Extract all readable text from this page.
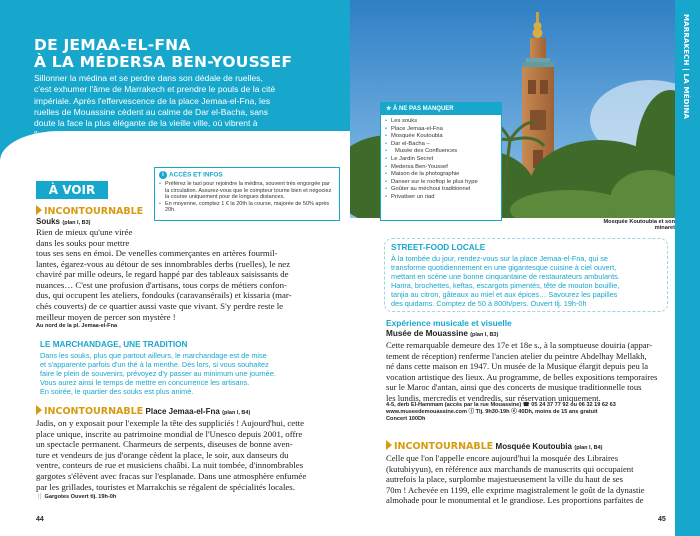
DE JEMAA-EL-FNA
À LA MÉDERSA BEN-YOUSSEF
Sillonner la médina et se perdre dans son dédale de ruelles,
c'est exhumer l'âme de Marrakech et prendre le pouls de la cité
impériale. Après l'effervescence de la place Jemaa-el-Fna, les
ruelles de Mouassine cèdent au calme de Dar el-Bacha, sans
doute la face la plus élégante de la vieille ville, où vibrent à
l'unisson antiquaires et brocanteurs. Ici, palais et musées
s'égrènent au fil des venelles pavées.
À VOIR
i ACCÈS ET INFOS
• Préférez le taxi pour rejoindre la médina, souvent très engorgée par la circulation. Assurez-vous que le compteur tourne bien et négociez la course uniquement pour de longues distances.
• En moyenne, comptez 1 € la 20th la course, majorée de 50% après 20h.
INCONTOURNABLE
Souks (plan I, B3)
Rien de mieux qu'une virée
dans les souks pour mettre
tous ses sens en émoi. De venelles commerçantes en artères fourmil-
lantes, égarez-vous au détour de ses innombrables derbs (ruelles), le nez
chaviré par mille odeurs, le regard happé par des tableaux saisissants de
nuances… C'est une profusion d'artisans, tous corps de métiers confon-
dus, qui occupent les ateliers, fondouks (caravansérails) et kissaria (mar-
chés couverts) de ce quartier aussi vaste que vivant. S'y perdre reste le
meilleur moyen de percer son mystère !
Au nord de la pl. Jemaa-el-Fna
LE MARCHANDAGE, UNE TRADITION
Dans les souks, plus que partout ailleurs, le marchandage est de mise
et s'apparente parfois d'un thé à la menthe. Dès lors, si vous souhaitez
faire le plein de souvenirs, prévoyez d'y passer au minimum une journée.
Vous aurez ainsi le temps de mettre en concurrence les artisans.
En soirée, le quartier des souks est plus animé.
INCONTOURNABLE Place Jemaa-el-Fna (plan I, B4)
Jadis, on y exposait pour l'exemple la tête des suppliciés ! Aujourd'hui, cette
place unique, inscrite au patrimoine mondial de l'Unesco depuis 2001, offre
un spectacle permanent. Charmeurs de serpents, diseuses de bonne aven-
ture et vendeurs de jus d'orange cèdent la place, le soir, aux danseurs du
ventre, conteurs de rue et musiciens chaâbi. La nuit tombée, d'innombrables
gargotes s'élèvent avec fracas sur l'esplanade. Dans une atmosphère enfumée
par les grillades, touristes et Marrakchis se régalent de spécialités locales.
🍴 Gargotes Ouvert tlj. 19h-0h
44
MARRAKECH | LA MÉDINA
★ À NE PAS MANQUER
• Les souks
• Place Jemaa-el-Fna
• Mosquée Koutoubia
• Dar el-Bacha –
• Musée des Confluences
• Le Jardin Secret
• Medersa Ben-Youssef
• Maison de la photographie
• Danser sur le rooftop le plus hype
• Goûter au méchoui traditionnel
• Privatiser un riad
Mosquée Koutoubia et son minaret
STREET-FOOD LOCALE
À la tombée du jour, rendez-vous sur la place Jemaa-el-Fna, qui se
transforme quotidiennement en une gigantesque cuisine à ciel ouvert,
mettant en scène une bonne cinquantaine de restaurateurs ambulants.
Harira, brochettes, keftas, escargots pimentés, tête de mouton bouillie,
tanjia au citron, gâteaux au miel et aux épices… Savourez les papilles
des quidams. Comptez de 50 à 800h/pers. Ouvert tlj. 19h-0h
Expérience musicale et visuelle
Musée de Mouassine (plan I, B3)
Cette remarquable demeure des 17e et 18e s., à la somptueuse douiria (appar-
tement de réception) renferme l'ancien atelier du peintre Abdelhay Mellakh,
né dans cette maison en 1947. Un musée de la Musique élargit depuis peu la
vocation artistique des lieux. Au programme, de belles expositions temporaires
sur le Maroc d'antan, ainsi que des concerts de musique traditionnelle tous
les lundis, mercredis et vendredis, sur réservation uniquement.
4-5, derb El-Hammam (accès par la rue Mouassine) ☎ 05 24 37 77 92 ou 06 32 19 62 63
www.museedemouassine.com ⓘ Tlj. 9h30-19h ⓔ 40Dh, moins de 15 ans gratuit
Concert 100Dh
INCONTOURNABLE Mosquée Koutoubia (plan I, B4)
Celle que l'on l'appelle encore aujourd'hui la mosquée des Libraires
(kutubiyyun), en référence aux marchands de manuscrits qui occupaient
autrefois la place, surplombe majestueusement la ville du haut de ses
70m ! Achevée en 1199, elle exprime magistralement le goût de la dynastie
almohade pour le monumental et le grandiose. Les proportions parfaites de
45
